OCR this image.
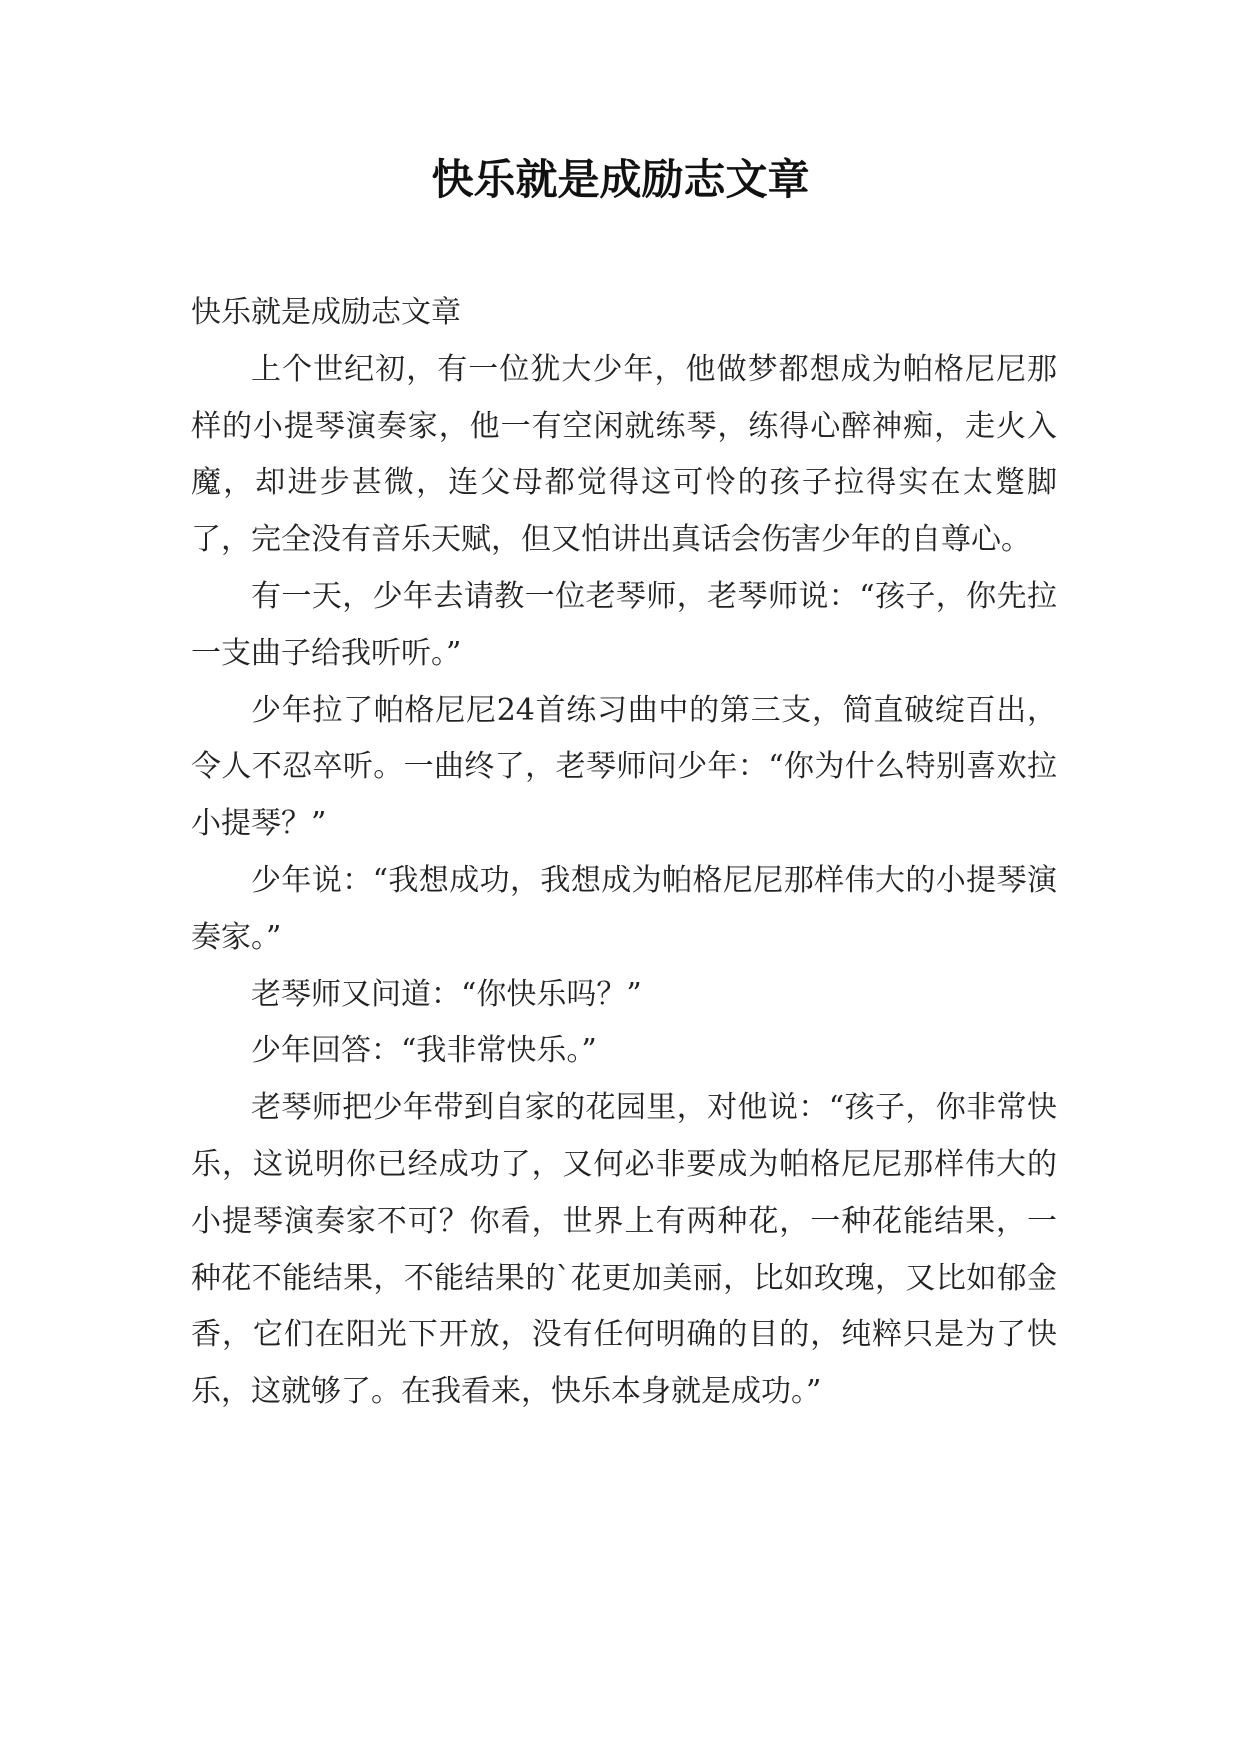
快乐就是成励志文章

快乐就是成励志文章

上个世纪初，有一位犹大少年，他做梦都想成为帕格尼尼那样的小提琴演奏家，他一有空闲就练琴，练得心醉神痴，走火入魔，却进步甚微，连父母都觉得这可怜的孩子拉得实在太蹩脚了，完全没有音乐天赋，但又怕讲出真话会伤害少年的自尊心。

有一天，少年去请教一位老琴师，老琴师说：“孩子，你先拉一支曲子给我听听。”

少年拉了帕格尼尼24首练习曲中的第三支，简直破绽百出，令人不忍卒听。一曲终了，老琴师问少年：“你为什么特别喜欢拉小提琴？”

少年说：“我想成功，我想成为帕格尼尼那样伟大的小提琴演奏家。”

老琴师又问道：“你快乐吗？”

少年回答：“我非常快乐。”

老琴师把少年带到自家的花园里，对他说：“孩子，你非常快乐，这说明你已经成功了，又何必非要成为帕格尼尼那样伟大的小提琴演奏家不可？你看，世界上有两种花，一种花能结果，一种花不能结果，不能结果的`花更加美丽，比如玫瑰，又比如郁金香，它们在阳光下开放，没有任何明确的目的，纯粹只是为了快乐，这就够了。在我看来，快乐本身就是成功。”
